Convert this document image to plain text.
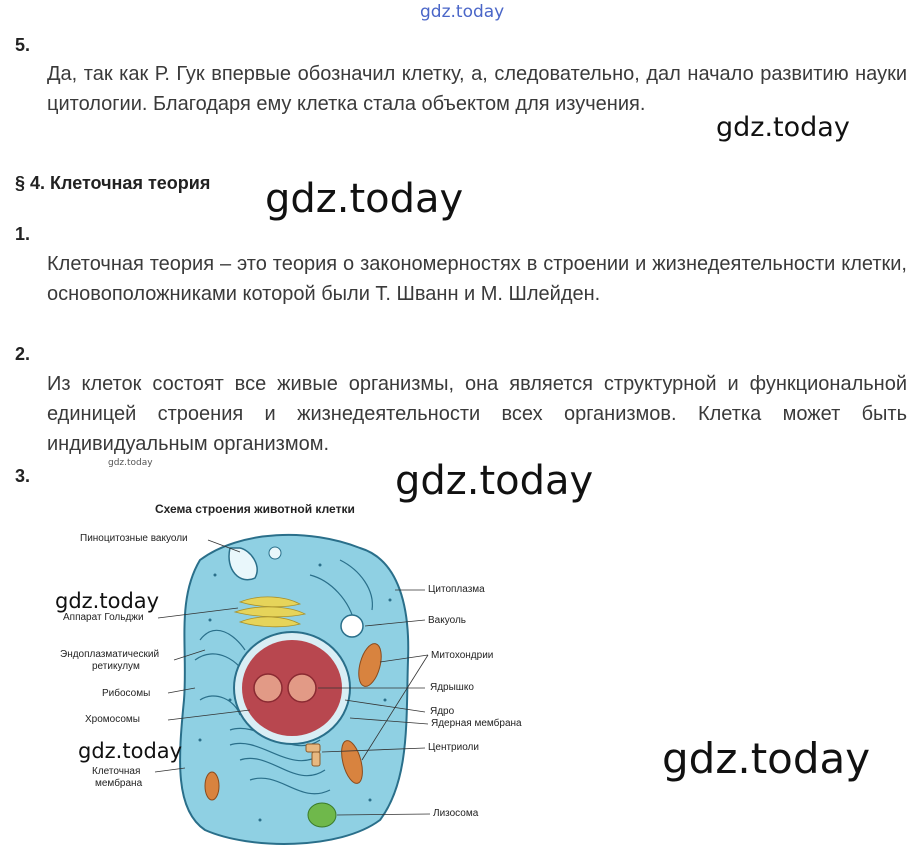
gdz.today
5.
Да, так как Р. Гук впервые обозначил клетку, а, следовательно, дал начало развитию науки цитологии. Благодаря ему клетка стала объектом для изучения.
gdz.today
§ 4. Клеточная теория gdz.today
1.
Клеточная теория – это теория о закономерностях в строении и жизнедеятельности клетки, основоположниками которой были Т. Шванн и М. Шлейден.
2.
Из клеток состоят все живые организмы, она является структурной и функциональной единицей строения и жизнедеятельности всех организмов. Клетка может быть индивидуальным организмом.
3.
gdz.today	gdz.today
Схема строения животной клетки
Пиноцитозные вакуоли
gdz.today
Аппарат Гольджи
Эндоплазматический
ретикулум
Рибосомы
Хромосомы
gdz.today
Клеточная
мембрана
Цитоплазма
Вакуоль
Митохондрии
Ядрышко
Ядро
Ядерная мембрана
Центриоли
Лизосома
gdz.today
